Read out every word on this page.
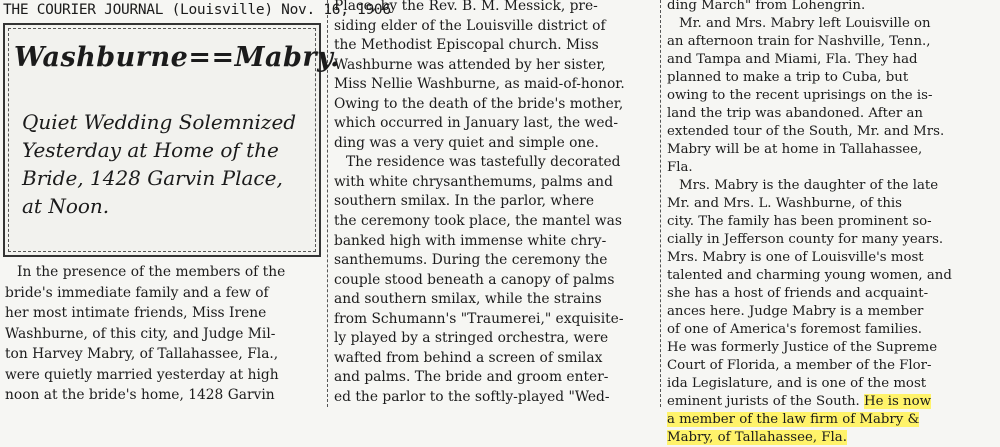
THE COURIER JOURNAL (Louisville) Nov. 16, 1906
Washburne==Mabry.
Quiet Wedding Solemnized
Yesterday at Home of the
Bride, 1428 Garvin Place,
at Noon.
In the presence of the members of the
bride's immediate family and a few of
her most intimate friends, Miss Irene
Washburne, of this city, and Judge Mil-
ton Harvey Mabry, of Tallahassee, Fla.,
were quietly married yesterday at high
noon at the bride's home, 1428 Garvin
Place, by the Rev. B. M. Messick, pre-
siding elder of the Louisville district of
the Methodist Episcopal church. Miss
Washburne was attended by her sister,
Miss Nellie Washburne, as maid-of-honor.
Owing to the death of the bride's mother,
which occurred in January last, the wed-
ding was a very quiet and simple one.
The residence was tastefully decorated
with white chrysanthemums, palms and
southern smilax. In the parlor, where
the ceremony took place, the mantel was
banked high with immense white chry-
santhemums. During the ceremony the
couple stood beneath a canopy of palms
and southern smilax, while the strains
from Schumann's "Traumerei," exquisite-
ly played by a stringed orchestra, were
wafted from behind a screen of smilax
and palms. The bride and groom enter-
ed the parlor to the softly-played "Wed-
ding March" from Lohengrin.
Mr. and Mrs. Mabry left Louisville on
an afternoon train for Nashville, Tenn.,
and Tampa and Miami, Fla. They had
planned to make a trip to Cuba, but
owing to the recent uprisings on the is-
land the trip was abandoned. After an
extended tour of the South, Mr. and Mrs.
Mabry will be at home in Tallahassee,
Fla.
Mrs. Mabry is the daughter of the late
Mr. and Mrs. L. Washburne, of this
city. The family has been prominent so-
cially in Jefferson county for many years.
Mrs. Mabry is one of Louisville's most
talented and charming young women, and
she has a host of friends and acquaint-
ances here. Judge Mabry is a member
of one of America's foremost families.
He was formerly Justice of the Supreme
Court of Florida, a member of the Flor-
ida Legislature, and is one of the most
eminent jurists of the South. He is now
a member of the law firm of Mabry &
Mabry, of Tallahassee, Fla.
